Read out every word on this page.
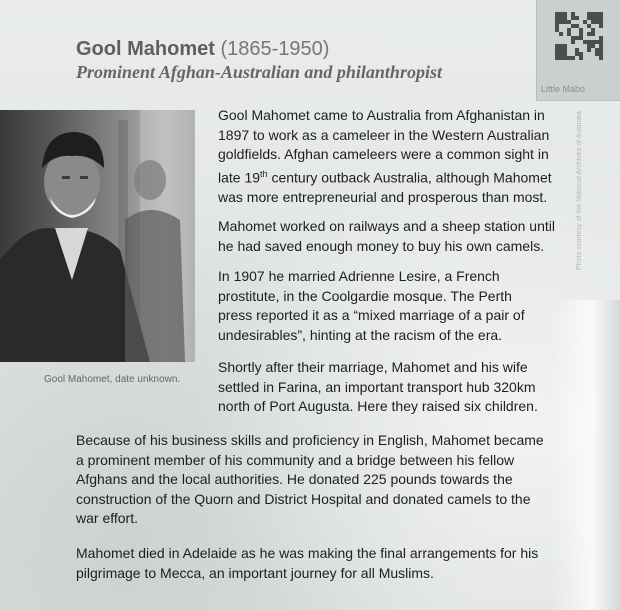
Gool Mahomet (1865-1950)
Prominent Afghan-Australian and philanthropist
Little Mabo
Gool Mahomet, date unknown.
Gool Mahomet came to Australia from Afghanistan in
1897 to work as a cameleer in the Western Australian
goldfields. Afghan cameleers were a common sight in
late 19th century outback Australia, although Mahomet
was more entrepreneurial and prosperous than most.
Mahomet worked on railways and a sheep station until
he had saved enough money to buy his own camels.
In 1907 he married Adrienne Lesire, a French
prostitute, in the Coolgardie mosque. The Perth
press reported it as a “mixed marriage of a pair of
undesirables”, hinting at the racism of the era.
Shortly after their marriage, Mahomet and his wife
settled in Farina, an important transport hub 320km
north of Port Augusta. Here they raised six children.
Because of his business skills and proficiency in English, Mahomet became
a prominent member of his community and a bridge between his fellow
Afghans and the local authorities. He donated 225 pounds towards the
construction of the Quorn and District Hospital and donated camels to the
war effort.
Mahomet died in Adelaide as he was making the final arrangements for his
pilgrimage to Mecca, an important journey for all Muslims.
Photo courtesy of the National Archives of Australia
